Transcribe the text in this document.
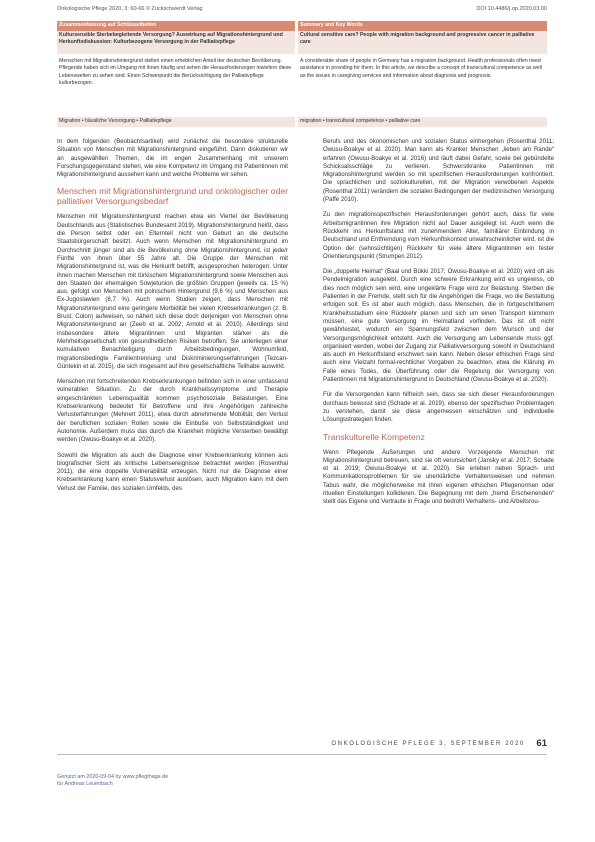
Onkologische Pflege 2020, 3: 60-66 © Zuckschwerdt Verlag	DOI 10.4486/j.op.2020.03.00
Zusammenfassung auf Schlüsselbeiten	Summary and Key Words
Kultursensible Sterbebegleitende Versorgung? Auswirkung auf Migrationshintergrund und Herkunftsdiskussion: Kulturbezogene Versorgung in der Palliativpflege
Cultural sensitive care? People with migration background and progressive cancer in palliative care
Menschen mit Migrationshintergrund stellen einen erheblichen Anteil der deutschen Bevölkerung. Pflegende haben sich im Umgang mit ihnen häufig und sehen die Herausforderungen inwiefern diese Lebenswelten zu sehen sind. Einen Schwerpunkt die Berücksichtigung der Palliativpflege kulturbezogen.
A considerable share of people in Germany has a migration background. Health professionals often need assistance in providing for them. In this article, we describe a concept of transcultural competence as well as the issues in caregiving services and information about diagnosis and prognosis.
Migration • häusliche Versorgung • Palliativpflege	migration • transcultural competence • palliative care

In dem folgenden (Beobachtsartikel) wird zunächst die besondere strukturelle Situation von Menschen mit Migrationshintergrund eingeführt. Dann diskutieren wir an ausgewählten Themen, die im engen Zusammenhang mit unserem Forschungsgegenstand stehen, wie eine Kompetenz im Umgang mit Patientinnen mit Migrationshintergrund aussehen kann und welche Probleme wir sehen.

Menschen mit Migrationshintergrund und onkologischer oder palliativer Versorgungsbedarf

Menschen mit Migrationshintergrund machen etwa ein Viertel der Bevölkerung Deutschlands aus (Statistisches Bundesamt 2019). Migrationshintergrund heißt, dass die Person selbst oder ein Elternteil nicht von Geburt an die deutsche Staatsbürgerschaft besitzt. Auch wenn Menschen mit Migrationshintergrund im Durchschnitt jünger sind als die Bevölkerung ohne Migrationshintergrund, ist jede/r Fünfte von ihnen über 55 Jahre alt. Die Gruppe der Menschen mit Migrationshintergrund ist, was die Herkunft betrifft, ausgesprochen heterogen. Unter ihnen machen Menschen mit türkischem Migrationshintergrund sowie Menschen aus den Staaten der ehemaligen Sowjetunion die größten Gruppen (jeweils ca. 15 %) aus, gefolgt von Menschen mit polnischem Hintergrund (9,6 %) und Menschen aus Ex-Jugoslawien (8,7 %). Auch wenn Studien zeigen, dass Menschen mit Migrationshintergrund eine geringere Morbidität bei vielen Krebserkrankungen (z. B. Brust, Colon) aufweisen, so nähert sich diese doch derjenigen von Menschen ohne Migrationshintergrund an (Zeeb et al. 2002; Arnold et al. 2010). Allerdings sind insbesondere ältere Migrantinnen und Migranten stärker als die Mehrheitsgesellschaft von gesundheitlichen Risiken betroffen. Sie unterliegen einer kumulativen Benachteiligung durch Arbeitsbedingungen, Wohnumfeld, migrationsbedingte Familientrennung und Diskriminierungserfahrungen (Tezcan-Güntekin et al. 2015), die sich insgesamt auf ihre gesellschaftliche Teilhabe auswirkt.

Menschen mit fortschreitenden Krebserkrankungen befinden sich in einer umfassend vulnerablen Situation. Zu der durch Krankheitssymptome und Therapie eingeschränkten Lebensqualität kommen psychosoziale Belastungen. Eine Krebserkrankung bedeutet für Betroffene und ihre Angehörigen zahlreiche Verlusterfahrungen (Mehnert 2011), etwa durch abnehmende Mobilität, den Verlust der beruflichen sozialen Rollen sowie die Einbuße von Selbstständigkeit und Autonomie. Außerdem muss das durch die Krankheit mögliche Versterben bewältigt werden (Owusu-Boakye et al. 2020).

Sowohl die Migration als auch die Diagnose einer Krebserkrankung können aus biografischer Sicht als kritische Lebensereignisse betrachtet werden (Rosenthal 2011), die eine doppelte Vulnerabilität erzeugen. Nicht nur die Diagnose einer Krebserkrankung kann einen Statusverlust auslösen, auch Migration kann mit dem Verlust der Familie, des sozialen Umfelds, des

Berufs und des ökonomischen und sozialen Status einhergehen (Rosenthal 2011; Owusu-Boakye et al. 2020). Man kann als Kranker Menschen „lieben am Rande“ erfahren (Owusu-Boakye et al. 2016) und läuft dabei Gefahr, sowie bei gebündelte Schicksalsschläge zu verlieren. Schwerstkranke Patientinnen mit Migrationshintergrund werden so mit spezifischen Herausforderungen konfrontiert. Die sprachlichen und soziokulturellen, mit der Migration verwobenen Aspekte (Rosenthal 2011) verändern die sozialen Bedingungen der medizinischen Versorgung (Paffe 2010).

Zu den migrationsspezifischen Herausforderungen gehört auch, dass für viele Arbeitsmigrantinnen ihre Migration nicht auf Dauer ausgelegt ist. Auch wenn die Rückkehr ins Herkunftsland mit zunehmendem Alter, familiärer Einbindung in Deutschland und Entfremdung vom Herkunftskontext unwahrscheinlicher wird, ist die Option der (sehnsüchtigen) Rückkehr für viele ältere Migrantinnen ein fester Orientierungspunkt (Strumpen 2012).

Die „doppelte Heimat“ (Baal und Bükki 2017; Owusu-Boakye et al. 2020) wird oft als Pendelmigration ausgelebt. Durch eine schwere Erkrankung wird es ungewiss, ob dies noch möglich sein wird, eine ungeklärte Frage wird zur Belastung. Sterben die Patienten in der Fremde, stellt sich für die Angehörigen die Frage, wo die Bestattung erfolgen soll. Es ist aber auch möglich, dass Menschen, die in fortgeschrittenem Krankheitsstadium eine Rückkehr planen und sich um einen Transport kümmern müssen, eine gute Versorgung im Heimatland vorfinden. Das ist oft nicht gewährleistet, wodurch ein Spannungsfeld zwischen dem Wunsch und der Versorgungsmöglichkeit entsteht. Auch die Versorgung am Lebensende muss ggf. organisiert werden, wobei der Zugang zur Palliativversorgung sowohl in Deutschland als auch im Herkunftsland erschwert sein kann. Neben dieser ethischen Frage sind auch eine Vielzahl formal-rechtlicher Vorgaben zu beachten, etwa die Klärung im Falle eines Todes, die Überführung oder die Regelung der Versorgung von Patientinnen mit Migrationshintergrund in Deutschland (Owusu-Boakye et al. 2020).

Für die Versorgenden kann hilfreich sein, dass sie sich dieser Herausforderungen durchaus bewusst sind (Schade et al. 2019), ebenso der spezifischen Problemlagen zu verstehen, damit sie diese angemessen einschätzen und individuelle Lösungsstrategien finden.

Transkulturelle Kompetenz

Wenn Pflegende Äußerungen und andere Vorzeigende Menschen mit Migrationshintergrund betreuen, sind sie oft verunsichert (Jansky et al. 2017; Schade et al. 2019; Owusu-Boakye et al. 2020). Sie erleben neben Sprach- und Kommunikationsproblemen für sie unerklärliche Verhaltensweisen und nehmen Tabus wahr, die möglicherweise mit ihren eigenen ethischen Pflegenormen oder rituellen Einstellungen kollidieren. Die Begegnung mit dem „fremd Erscheinenden“ stellt das Eigene und Vertraute in Frage und bedroht Verhaltens- und Arbeitsrou-

ONKOLOGISCHE PFLEGE 3, SEPTEMBER 2020 61
Genutzt am 2020-09-04 by www.pflegthage.de
für Andreas Leuenbach
